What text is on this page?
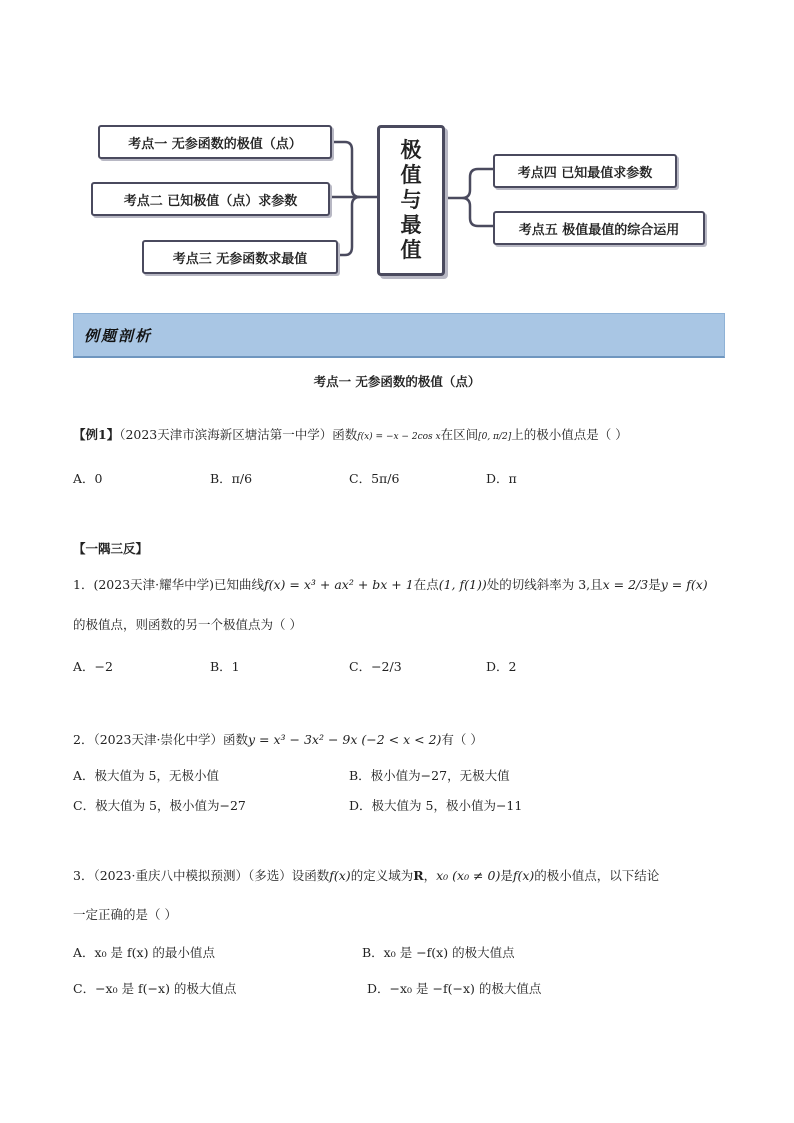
极
值
与
最
值
考点一 无参函数的极值（点）
考点二 已知极值（点）求参数
考点三 无参函数求最值
考点四 已知最值求参数
考点五 极值最值的综合运用
例题剖析
考点一 无参函数的极值（点）
【例1】（2023天津市滨海新区塘沽第一中学）函数f(x) = −x − 2cos x在区间[0, π/2]上的极小值点是（ ）
A．0	B．π/6	C．5π/6	D．π
【一隅三反】
1．(2023天津·耀华中学)已知曲线f(x) = x³ + ax² + bx + 1在点(1, f(1))处的切线斜率为 3,且x = 2/3是y = f(x)
的极值点，则函数的另一个极值点为（ ）
A．−2	B．1	C．−2/3	D．2
2．（2023天津·崇化中学）函数y = x³ − 3x² − 9x (−2 < x < 2)有（ ）
A．极大值为 5，无极小值	B．极小值为−27，无极大值
C．极大值为 5，极小值为−27	D．极大值为 5，极小值为−11
3．（2023·重庆八中模拟预测）（多选）设函数f(x)的定义域为R，x₀ (x₀ ≠ 0)是f(x)的极小值点，以下结论
一定正确的是（ ）
A．x₀ 是 f(x) 的最小值点	B．x₀ 是 −f(x) 的极大值点
C．−x₀ 是 f(−x) 的极大值点	D．−x₀ 是 −f(−x) 的极大值点
